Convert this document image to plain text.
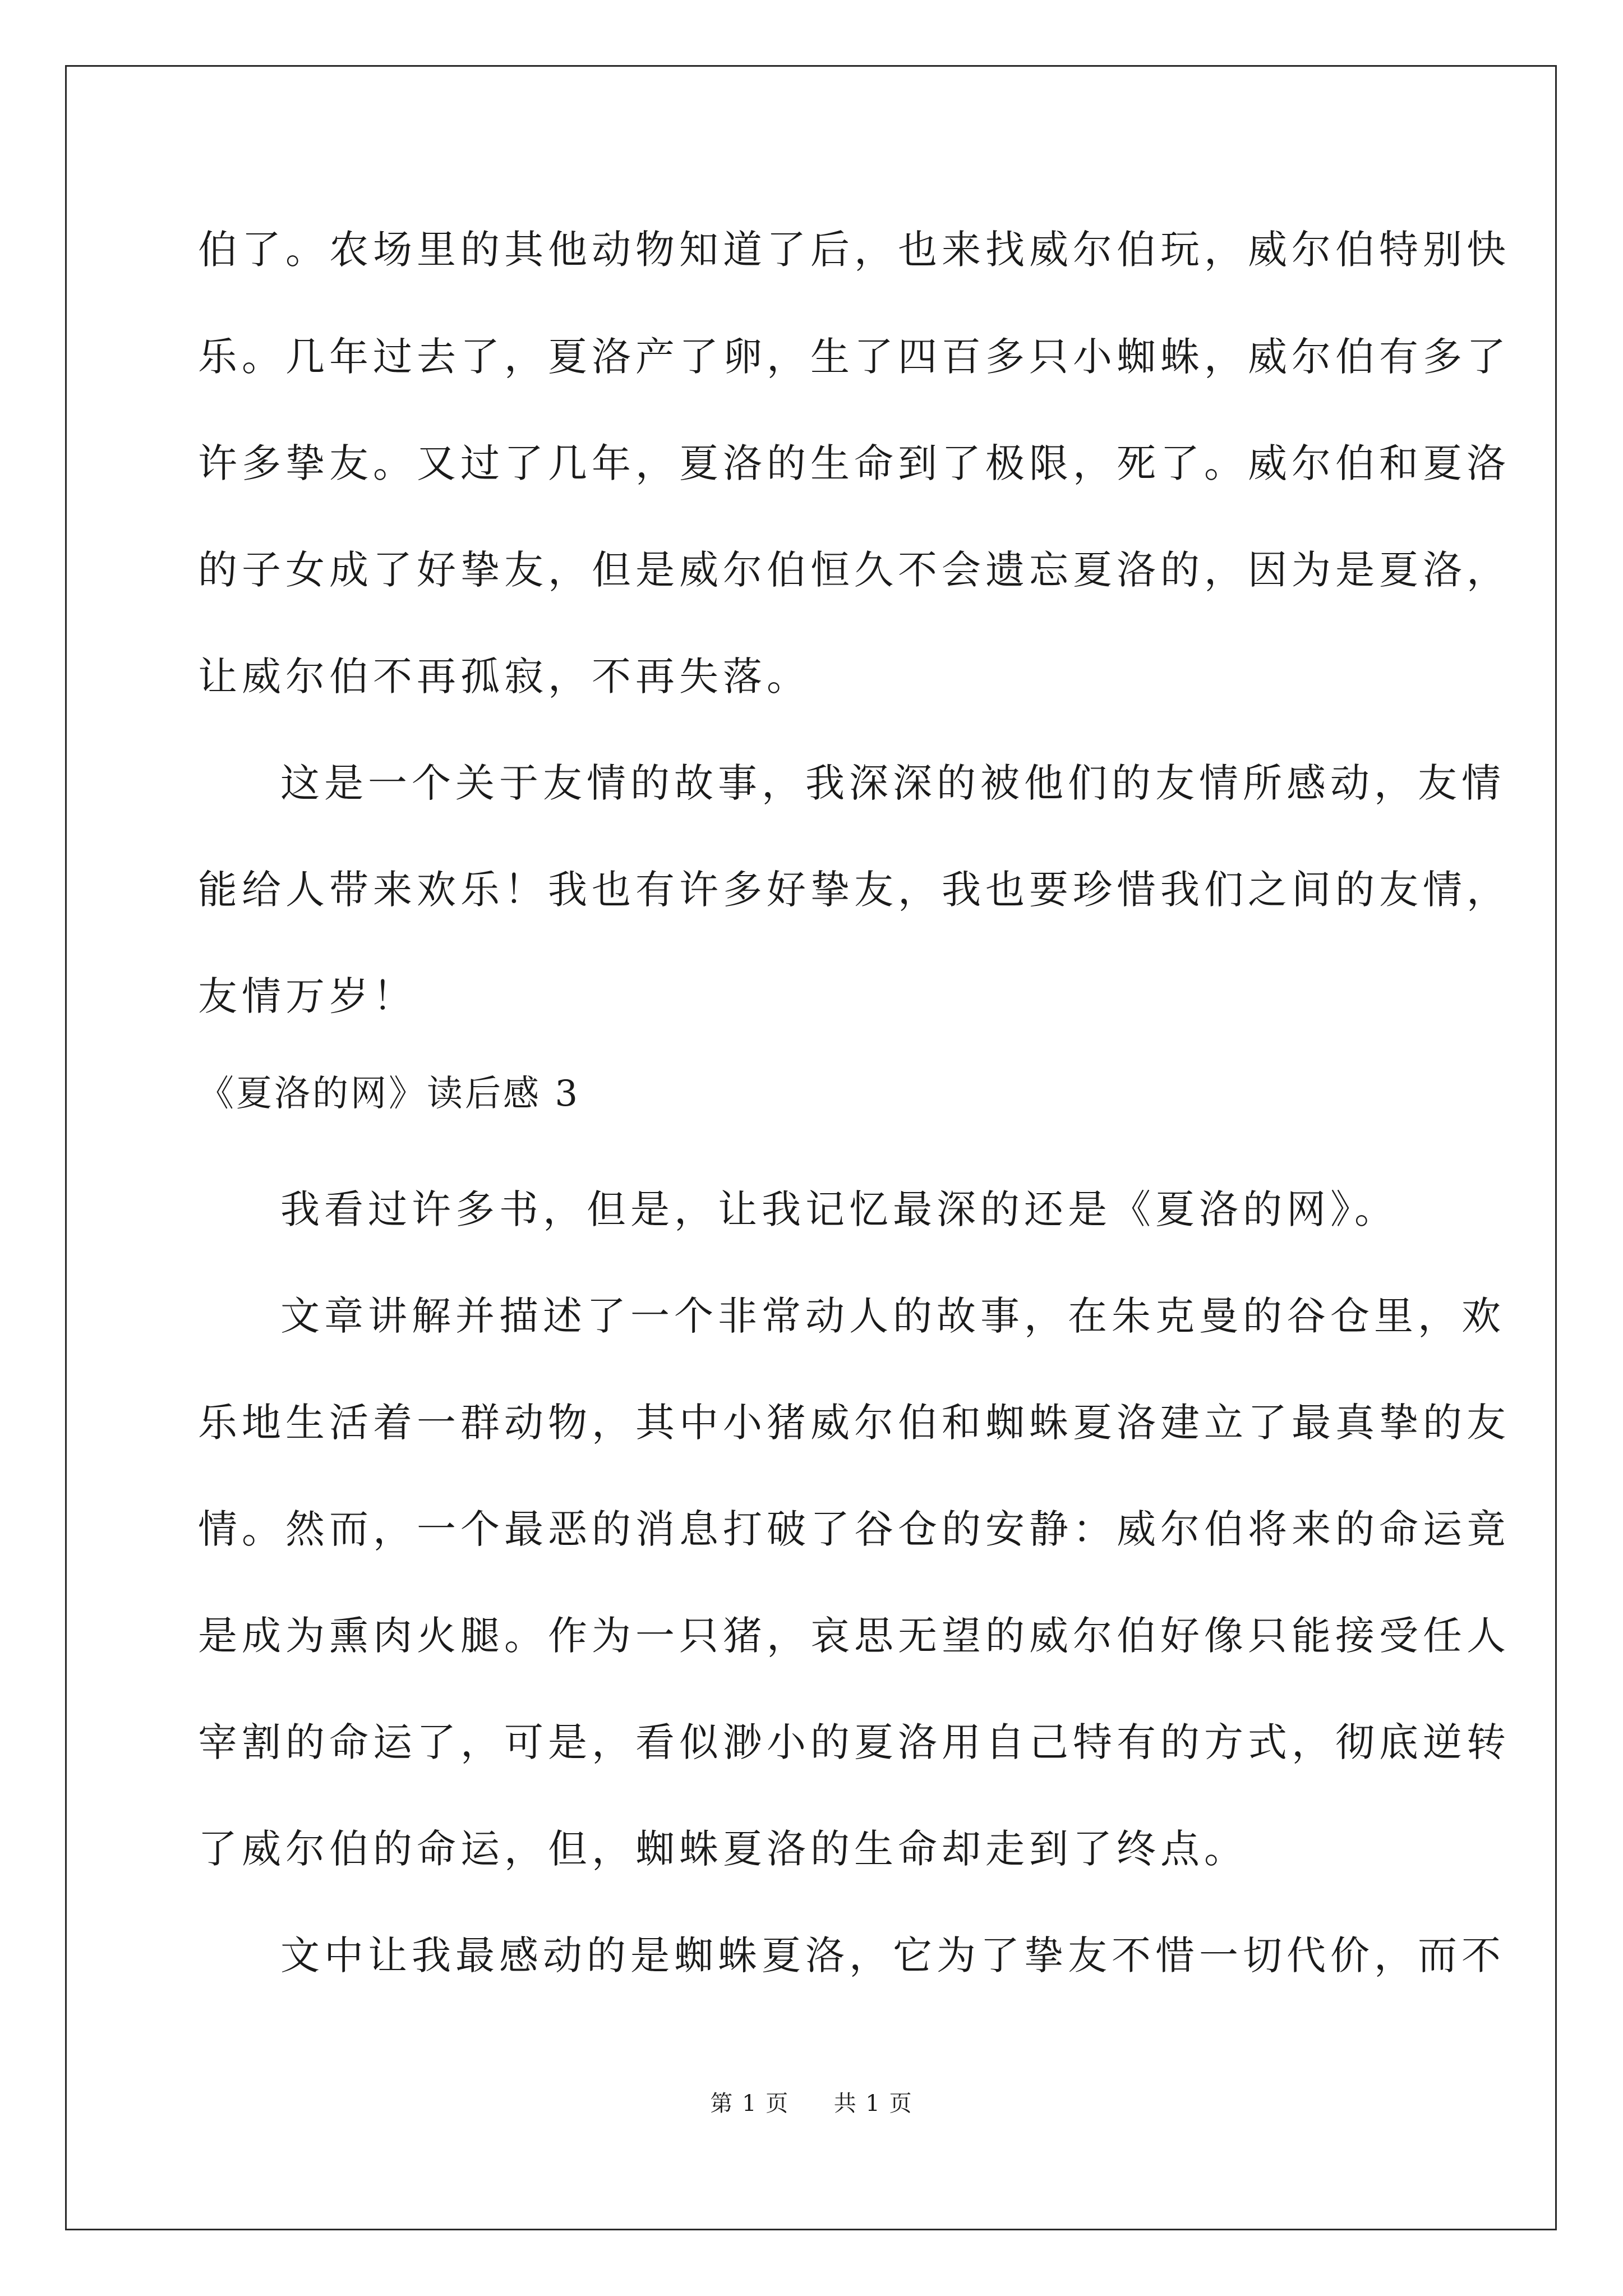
伯了。农场里的其他动物知道了后，也来找威尔伯玩，威尔伯特别快
乐。几年过去了，夏洛产了卵，生了四百多只小蜘蛛，威尔伯有多了
许多挚友。又过了几年，夏洛的生命到了极限，死了。威尔伯和夏洛
的子女成了好挚友，但是威尔伯恒久不会遗忘夏洛的，因为是夏洛，
让威尔伯不再孤寂，不再失落。
这是一个关于友情的故事，我深深的被他们的友情所感动，友情
能给人带来欢乐！我也有许多好挚友，我也要珍惜我们之间的友情，
友情万岁！
《夏洛的网》读后感 3
我看过许多书，但是，让我记忆最深的还是《夏洛的网》。
文章讲解并描述了一个非常动人的故事，在朱克曼的谷仓里，欢
乐地生活着一群动物，其中小猪威尔伯和蜘蛛夏洛建立了最真挚的友
情。然而，一个最恶的消息打破了谷仓的安静：威尔伯将来的命运竟
是成为熏肉火腿。作为一只猪，哀思无望的威尔伯好像只能接受任人
宰割的命运了，可是，看似渺小的夏洛用自己特有的方式，彻底逆转
了威尔伯的命运，但，蜘蛛夏洛的生命却走到了终点。
文中让我最感动的是蜘蛛夏洛，它为了挚友不惜一切代价，而不
第 1 页 共 1 页
